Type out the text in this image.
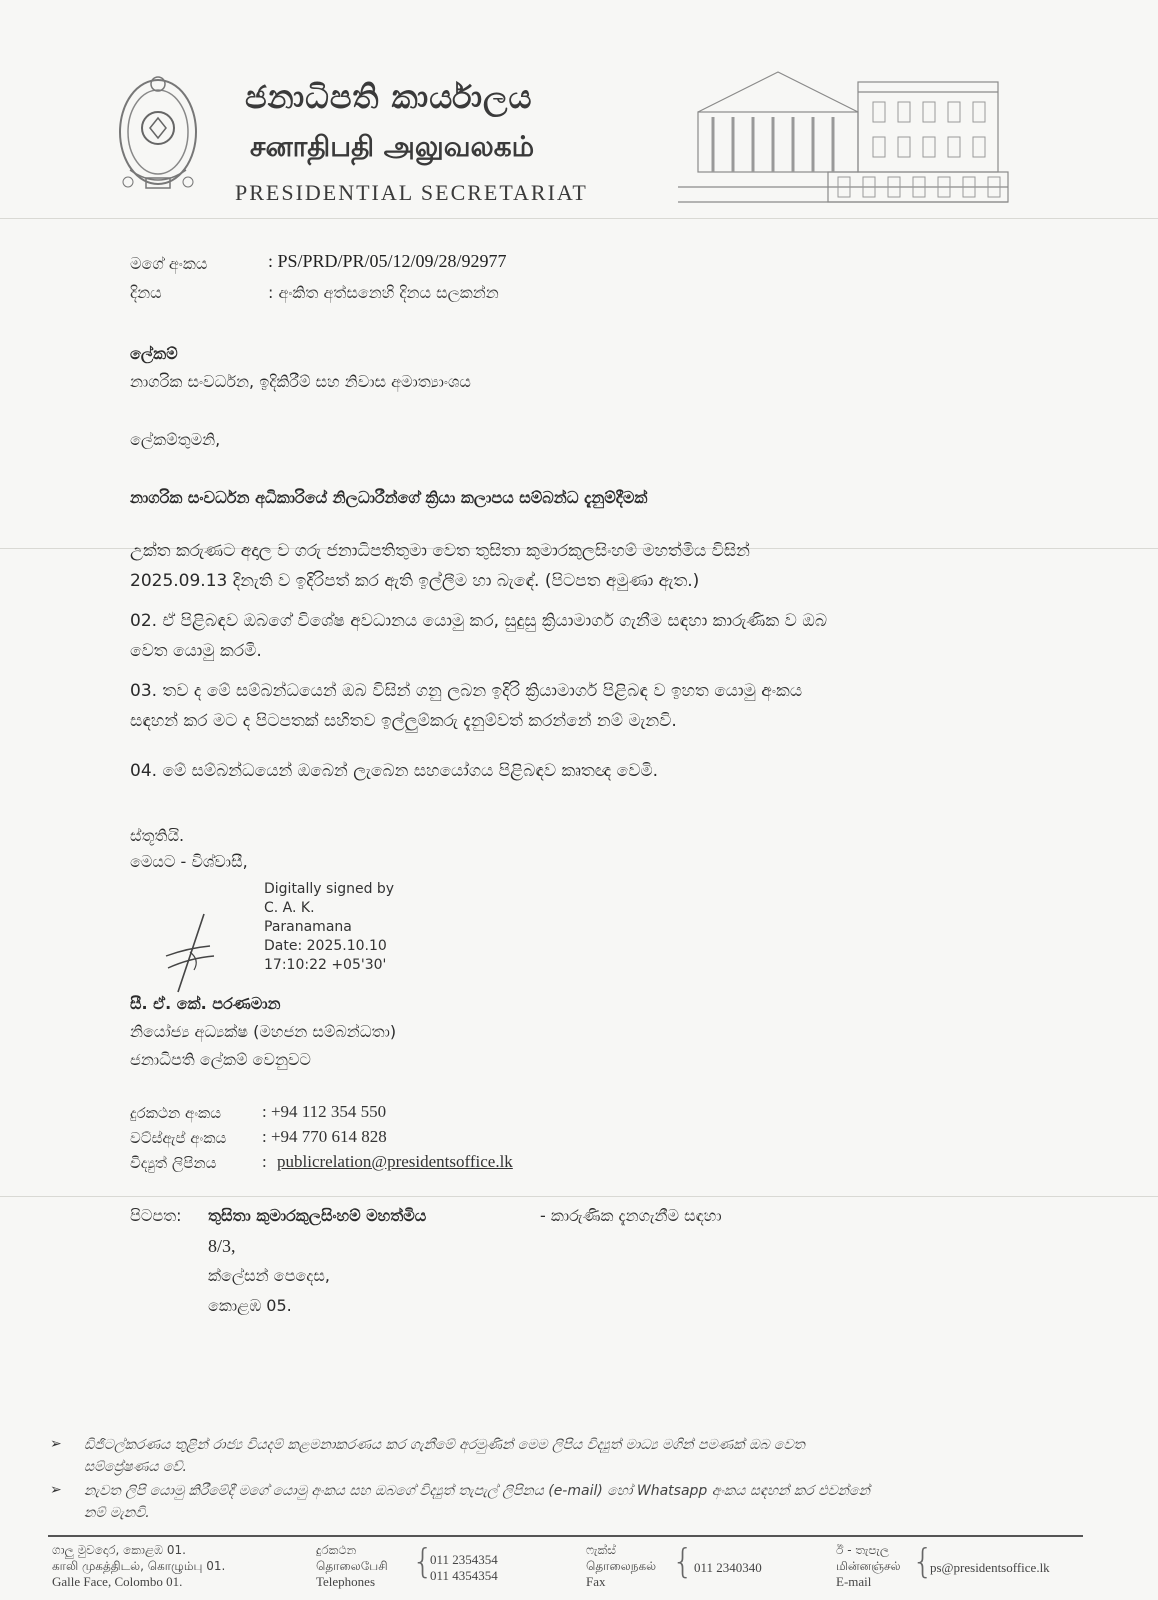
ජනාධිපති කාර්යාලය
சனாதிபதி அலுவலகம்
PRESIDENTIAL SECRETARIAT
මගේ අංකය	: PS/PRD/PR/05/12/09/28/92977
දිනය	: අංකිත අත්සනෙහි දිනය සලකන්න
ලේකම්
නාගරික සංවර්ධන, ඉදිකිරීම් සහ නිවාස අමාත්‍යාංශය
ලේකම්තුමනි,
නාගරික සංවර්ධන අධිකාරියේ නිලධාරීන්ගේ ක්‍රියා කලාපය සම්බන්ධ දැනුම්දීමක්
උක්ත කරුණට අදාල ව ගරු ජනාධිපතිතුමා වෙත තුසිතා කුමාරකුලසිංහම් මහත්මිය විසින්
2025.09.13 දිනැති ව ඉදිරිපත් කර ඇති ඉල්ලීම හා බැඳේ. (පිටපත අමුණා ඇත.)
02. ඒ පිළිබඳව ඔබගේ විශේෂ අවධානය යොමු කර, සුදුසු ක්‍රියාමාර්ග ගැනීම සඳහා කාරුණික ව ඔබ
වෙත යොමු කරමි.
03. තව ද මේ සම්බන්ධයෙන් ඔබ විසින් ගනු ලබන ඉදිරි ක්‍රියාමාර්ග පිළිබඳ ව ඉහත යොමු අංකය
සඳහන් කර මට ද පිටපතක් සහිතව ඉල්ලුම්කරු දැනුම්වත් කරන්නේ නම් මැනවි.
04. මේ සම්බන්ධයෙන් ඔබෙන් ලැබෙන සහයෝගය පිළිබඳව කෘතඥ වෙමි.
ස්තූතියි.
මෙයට - විශ්වාසී,
Digitally signed by
C. A. K.
Paranamana
Date: 2025.10.10
17:10:22 +05'30'
සී. ඒ. කේ. පරණමාන
නියෝජ්‍ය අධ්‍යක්ෂ (මහජන සම්බන්ධතා)
ජනාධිපති ලේකම් වෙනුවට
දුරකථන අංකය : +94 112 354 550
වට්ස්ඇප් අංකය : +94 770 614 828
විද්‍යුත් ලිපිනය	: publicrelation@presidentsoffice.lk
පිටපත: තුසිතා කුමාරකුලසිංහම් මහත්මිය	- කාරුණික දැනගැනීම සඳහා
8/3,
ක්ලේසන් පෙදෙස,
කොළඹ 05.
➢ ඩිජිටල්කරණය තුළින් රාජ්‍ය වියදම් කළමනාකරණය කර ගැනීමේ අරමුණින් මෙම ලිපිය විද්‍යුත් මාධ්‍ය මගින් පමණක් ඔබ වෙත
සම්ප්‍රේෂණය වේ.
➢ නැවත ලිපි යොමු කිරීමේදී මගේ යොමු අංකය සහ ඔබගේ විද්‍යුත් තැපැල් ලිපිනය (e-mail) හෝ Whatsapp අංකය සඳහන් කර එවන්නේ
නම් මැනවි.
ගාලු මුවදොර, කොළඹ 01.
காலி முகத்திடல், கொழும்பு 01.
Galle Face, Colombo 01.
දුරකථන
தொலைபேசி
Telephones	{
011 2354354
011 4354354
ෆැක්ස්
தொலைநகல்
Fax	{ 011 2340340
ඊ - තැපැල
மின்னஞ்சல்
E-mail	{
ps@presidentsoffice.lk
